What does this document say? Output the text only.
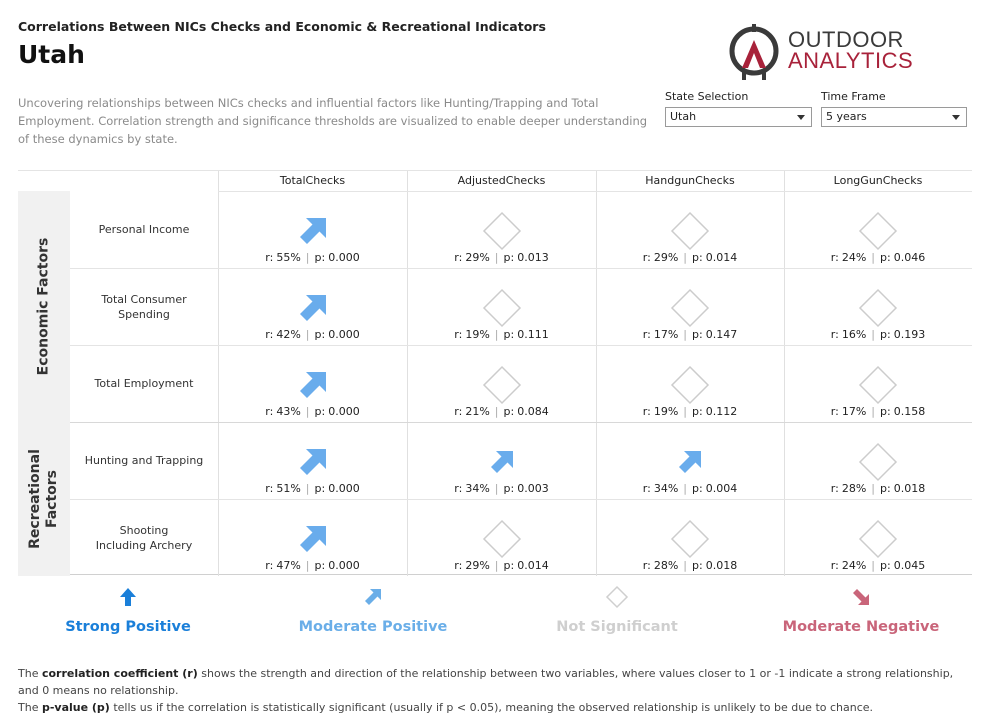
Correlations Between NICs Checks and Economic & Recreational Indicators
Utah
Uncovering relationships between NICs checks and influential factors like Hunting/Trapping and Total Employment. Correlation strength and significance thresholds are visualized to enable deeper understanding of these dynamics by state.
OUTDOOR
ANALYTICS
State Selection
Utah
Time Frame
5 years
TotalChecks	AdjustedChecks	HandgunChecks	LongGunChecks
Personal Income
r: 55% | p: 0.000	r: 29% | p: 0.013	r: 29% | p: 0.014	r: 24% | p: 0.046
Total Consumer Spending
r: 42% | p: 0.000	r: 19% | p: 0.111	r: 17% | p: 0.147	r: 16% | p: 0.193
Total Employment
r: 43% | p: 0.000	r: 21% | p: 0.084	r: 19% | p: 0.112	r: 17% | p: 0.158
Hunting and Trapping
r: 51% | p: 0.000	r: 34% | p: 0.003	r: 34% | p: 0.004	r: 28% | p: 0.018
Shooting Including Archery
r: 47% | p: 0.000	r: 29% | p: 0.014	r: 28% | p: 0.018	r: 24% | p: 0.045
Economic Factors
Recreational
Factors
Strong Positive	Moderate Positive	Not Significant	Moderate Negative
The correlation coefficient (r) shows the strength and direction of the relationship between two variables, where values closer to 1 or -1 indicate a strong relationship, and 0 means no relationship.
The p-value (p) tells us if the correlation is statistically significant (usually if p < 0.05), meaning the observed relationship is unlikely to be due to chance.
